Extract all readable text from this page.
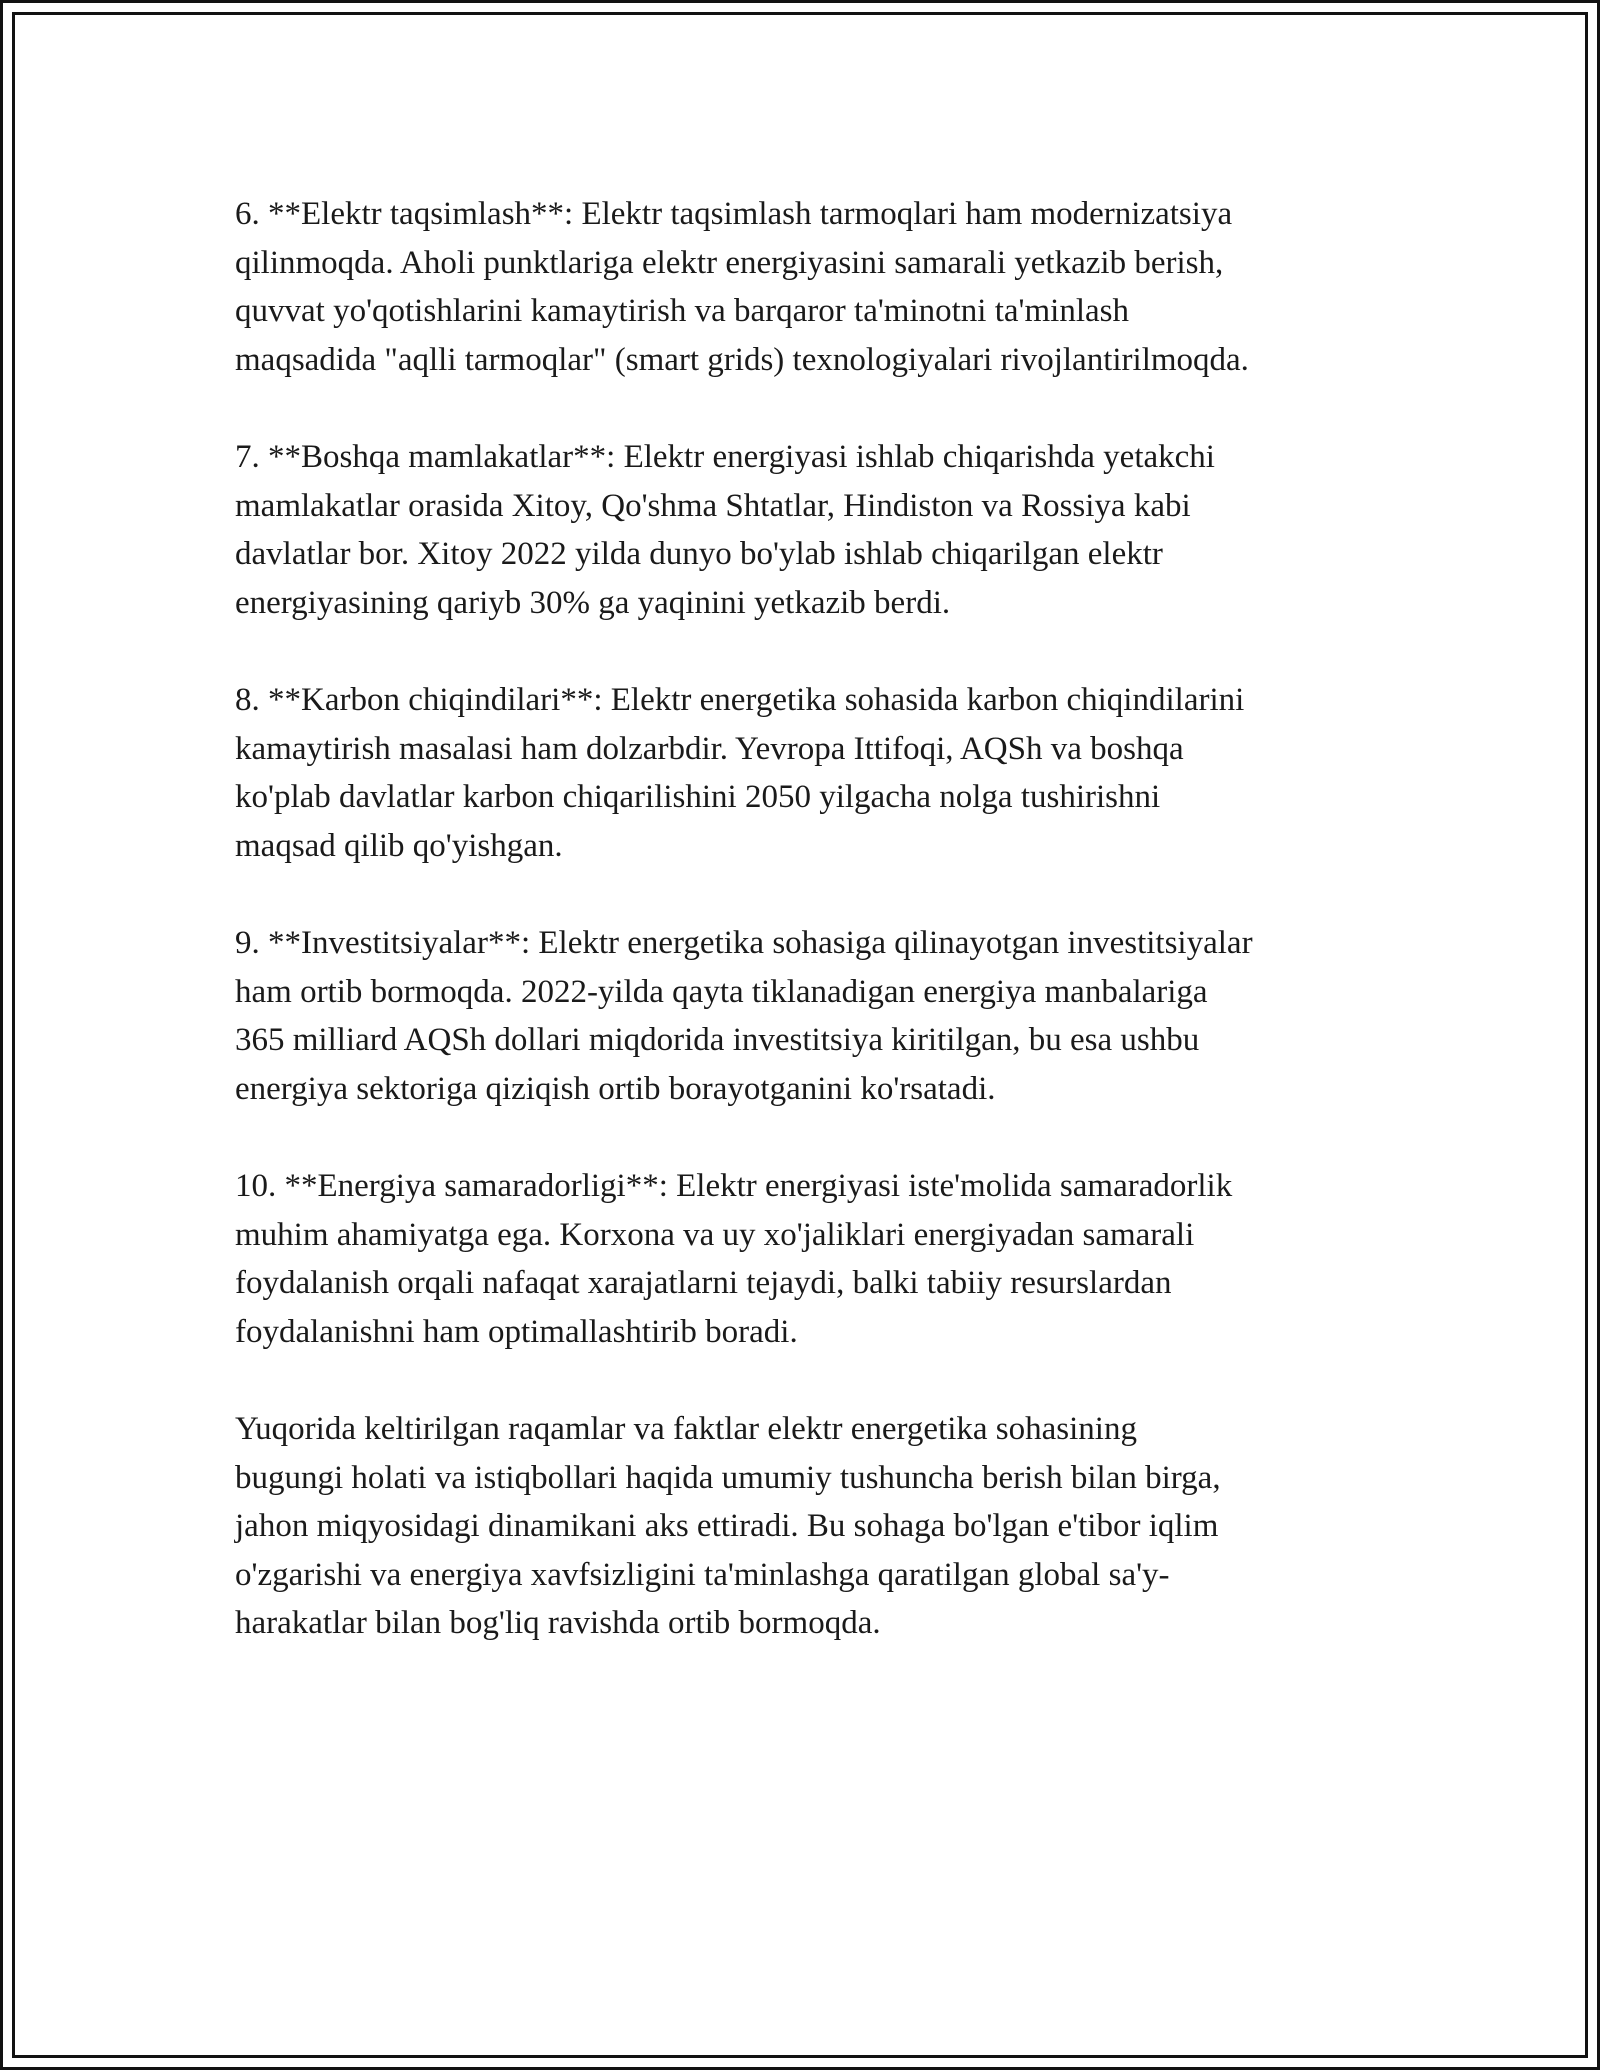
6. **Elektr taqsimlash**: Elektr taqsimlash tarmoqlari ham modernizatsiya
qilinmoqda. Aholi punktlariga elektr energiyasini samarali yetkazib berish,
quvvat yo'qotishlarini kamaytirish va barqaror ta'minotni ta'minlash
maqsadida "aqlli tarmoqlar" (smart grids) texnologiyalari rivojlantirilmoqda.

7. **Boshqa mamlakatlar**: Elektr energiyasi ishlab chiqarishda yetakchi
mamlakatlar orasida Xitoy, Qo'shma Shtatlar, Hindiston va Rossiya kabi
davlatlar bor. Xitoy 2022 yilda dunyo bo'ylab ishlab chiqarilgan elektr
energiyasining qariyb 30% ga yaqinini yetkazib berdi.

8. **Karbon chiqindilari**: Elektr energetika sohasida karbon chiqindilarini
kamaytirish masalasi ham dolzarbdir. Yevropa Ittifoqi, AQSh va boshqa
ko'plab davlatlar karbon chiqarilishini 2050 yilgacha nolga tushirishni
maqsad qilib qo'yishgan.

9. **Investitsiyalar**: Elektr energetika sohasiga qilinayotgan investitsiyalar
ham ortib bormoqda. 2022-yilda qayta tiklanadigan energiya manbalariga
365 milliard AQSh dollari miqdorida investitsiya kiritilgan, bu esa ushbu
energiya sektoriga qiziqish ortib borayotganini ko'rsatadi.

10. **Energiya samaradorligi**: Elektr energiyasi iste'molida samaradorlik
muhim ahamiyatga ega. Korxona va uy xo'jaliklari energiyadan samarali
foydalanish orqali nafaqat xarajatlarni tejaydi, balki tabiiy resurslardan
foydalanishni ham optimallashtirib boradi.

Yuqorida keltirilgan raqamlar va faktlar elektr energetika sohasining
bugungi holati va istiqbollari haqida umumiy tushuncha berish bilan birga,
jahon miqyosidagi dinamikani aks ettiradi. Bu sohaga bo'lgan e'tibor iqlim
o'zgarishi va energiya xavfsizligini ta'minlashga qaratilgan global sa'y-
harakatlar bilan bog'liq ravishda ortib bormoqda.
